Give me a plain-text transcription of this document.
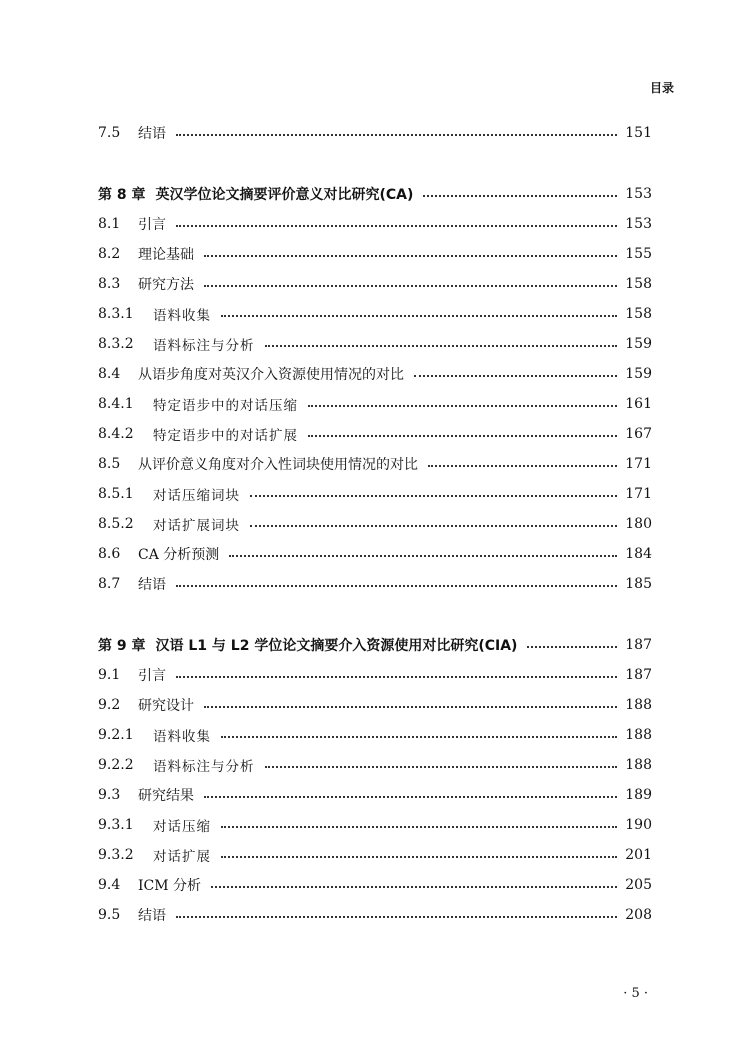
目录
7.5	结语	151
第 8 章 英汉学位论文摘要评价意义对比研究(CA)	153
8.1	引言	153
8.2	理论基础	155
8.3	研究方法	158
8.3.1	语料收集	158
8.3.2	语料标注与分析	159
8.4	从语步角度对英汉介入资源使用情况的对比	159
8.4.1	特定语步中的对话压缩	161
8.4.2	特定语步中的对话扩展	167
8.5	从评价意义角度对介入性词块使用情况的对比	171
8.5.1	对话压缩词块	171
8.5.2	对话扩展词块	180
8.6	CA 分析预测	184
8.7	结语	185
第 9 章 汉语 L1 与 L2 学位论文摘要介入资源使用对比研究(CIA)	187
9.1	引言	187
9.2	研究设计	188
9.2.1	语料收集	188
9.2.2	语料标注与分析	188
9.3	研究结果	189
9.3.1	对话压缩	190
9.3.2	对话扩展	201
9.4	ICM 分析	205
9.5	结语	208
· 5 ·
